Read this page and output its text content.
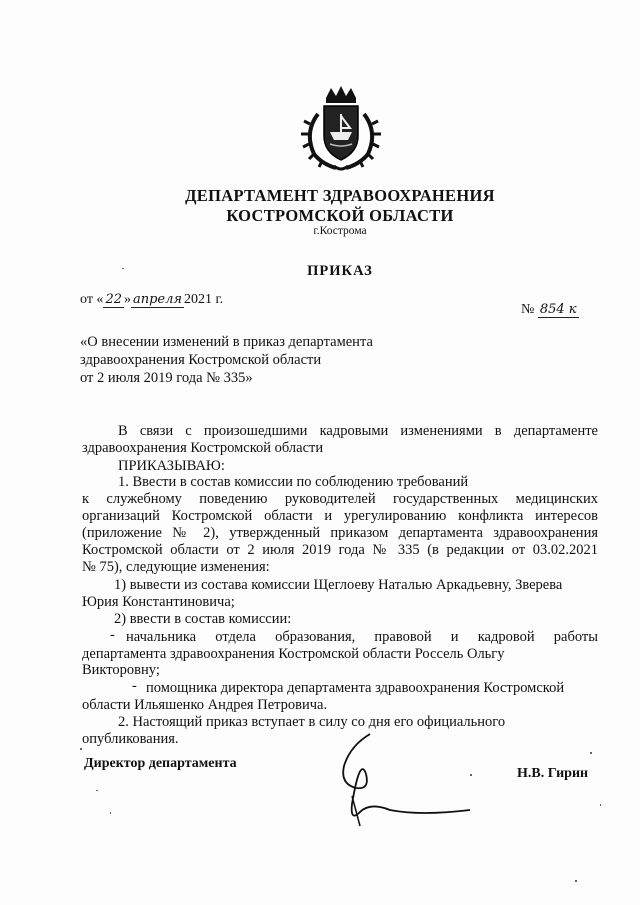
ДЕПАРТАМЕНТ ЗДРАВООХРАНЕНИЯ
КОСТРОМСКОЙ ОБЛАСТИ
г.Кострома
ПРИКАЗ
от « 22 » апреля 2021 г.
№ 854 к
«О внесении изменений в приказ департамента
здравоохранения Костромской области
от 2 июля 2019 года № 335»
В связи с произошедшими кадровыми изменениями в департаменте
здравоохранения Костромской области
ПРИКАЗЫВАЮ:
1. Ввести в состав комиссии по соблюдению требований
к служебному поведению руководителей государственных медицинских
организаций Костромской области и урегулированию конфликта интересов
(приложение № 2), утвержденный приказом департамента здравоохранения
Костромской области от 2 июля 2019 года № 335 (в редакции от 03.02.2021
№ 75), следующие изменения:
1) вывести из состава комиссии Щеглоеву Наталью Аркадьевну, Зверева
Юрия Константиновича;
2) ввести в состав комиссии:
- начальника отдела образования, правовой и кадровой работы
департамента здравоохранения Костромской области Россель Ольгу
Викторовну;
- помощника директора департамента здравоохранения Костромской
области Ильяшенко Андрея Петровича.
2. Настоящий приказ вступает в силу со дня его официального
опубликования.
Директор департамента
Н.В. Гирин
